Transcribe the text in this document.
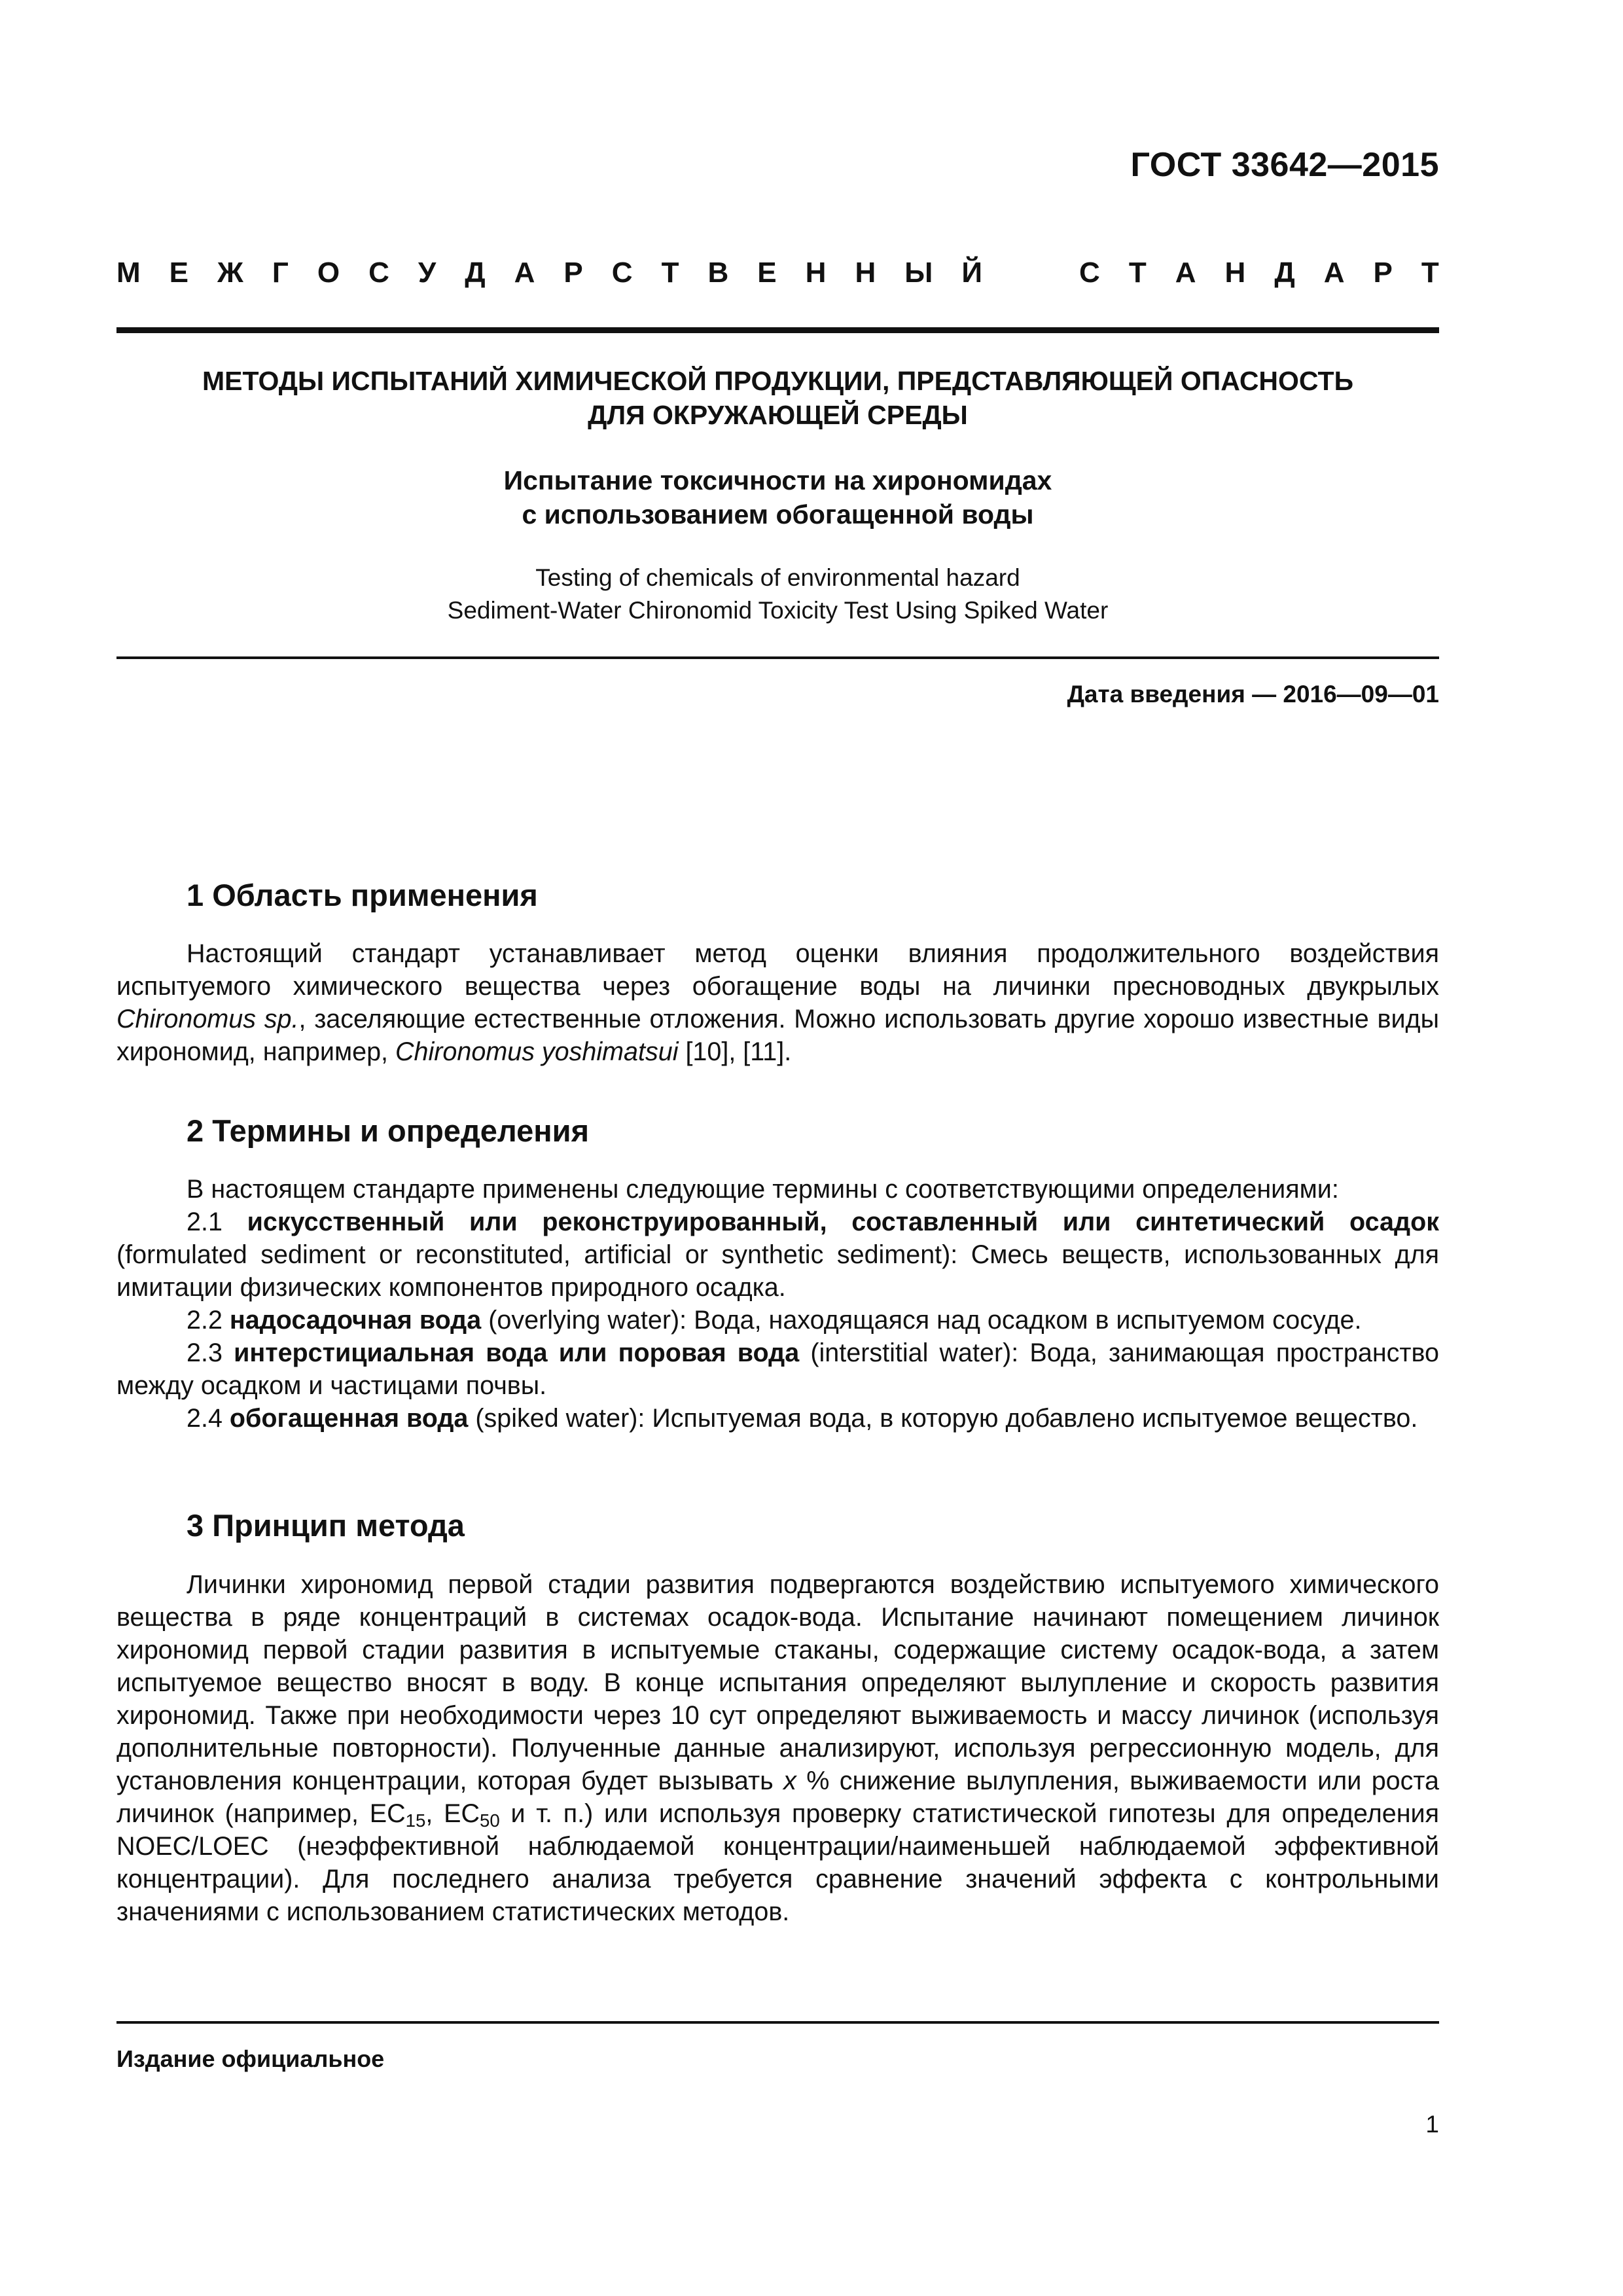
ГОСТ 33642—2015
М Е Ж Г О С У Д А Р С Т В Е Н Н Ы Й	С Т А Н Д А Р Т
МЕТОДЫ ИСПЫТАНИЙ ХИМИЧЕСКОЙ ПРОДУКЦИИ, ПРЕДСТАВЛЯЮЩЕЙ ОПАСНОСТЬ
ДЛЯ ОКРУЖАЮЩЕЙ СРЕДЫ
Испытание токсичности на хирономидах
с использованием обогащенной воды
Testing of chemicals of environmental hazard
Sediment-Water Chironomid Toxicity Test Using Spiked Water
Дата введения — 2016—09—01
1 Область применения

Настоящий стандарт устанавливает метод оценки влияния продолжительного воздействия испытуемого химического вещества через обогащение воды на личинки пресноводных двукрылых Chironomus sp., заселяющие естественные отложения. Можно использовать другие хорошо известные виды хирономид, например, Chironomus yoshimatsui [10], [11].

2 Термины и определения

В настоящем стандарте применены следующие термины с соответствующими определениями:

2.1 искусственный или реконструированный, составленный или синтетический осадок (formulated sediment or reconstituted, artificial or synthetic sediment): Смесь веществ, использованных для имитации физических компонентов природного осадка.

2.2 надосадочная вода (overlying water): Вода, находящаяся над осадком в испытуемом сосуде.

2.3 интерстициальная вода или поровая вода (interstitial water): Вода, занимающая пространство между осадком и частицами почвы.

2.4 обогащенная вода (spiked water): Испытуемая вода, в которую добавлено испытуемое вещество.

3 Принцип метода

Личинки хирономид первой стадии развития подвергаются воздействию испытуемого химического вещества в ряде концентраций в системах осадок-вода. Испытание начинают помещением личинок хирономид первой стадии развития в испытуемые стаканы, содержащие систему осадок-вода, а затем испытуемое вещество вносят в воду. В конце испытания определяют вылупление и скорость развития хирономид. Также при необходимости через 10 сут определяют выживаемость и массу личинок (используя дополнительные повторности). Полученные данные анализируют, используя регрессионную модель, для установления концентрации, которая будет вызывать x % снижение вылупления, выживаемости или роста личинок (например, $EC_{15}$, $EC_{50}$ и т. п.) или используя проверку статистической гипотезы для определения NOEC/LOEC (неэффективной наблюдаемой концентрации/наименьшей наблюдаемой эффективной концентрации). Для последнего анализа требуется сравнение значений эффекта с контрольными значениями с использованием статистических методов.

Издание официальное
1
